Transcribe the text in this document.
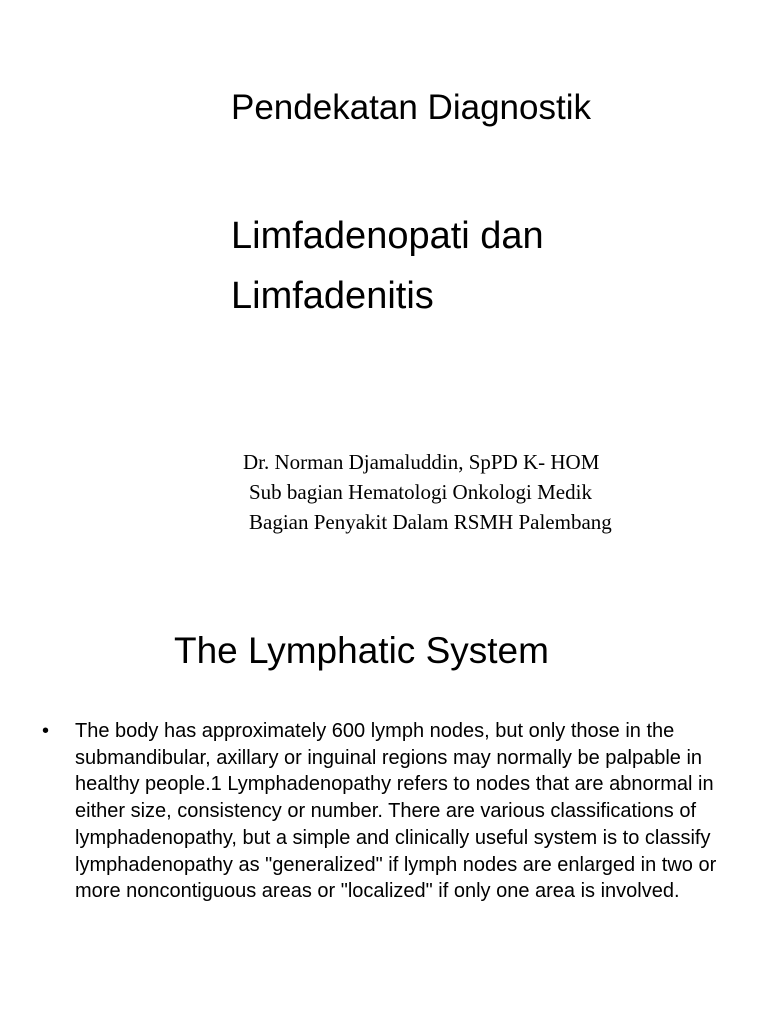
Pendekatan Diagnostik
Limfadenopati dan
Limfadenitis
Dr. Norman Djamaluddin, SpPD K- HOM
Sub bagian Hematologi Onkologi Medik
Bagian Penyakit Dalam RSMH Palembang
The Lymphatic System
• The body has approximately 600 lymph nodes, but only those in the submandibular, axillary or inguinal regions may normally be palpable in healthy people.1 Lymphadenopathy refers to nodes that are abnormal in either size, consistency or number. There are various classifications of lymphadenopathy, but a simple and clinically useful system is to classify lymphadenopathy as "generalized" if lymph nodes are enlarged in two or more noncontiguous areas or "localized" if only one area is involved.
